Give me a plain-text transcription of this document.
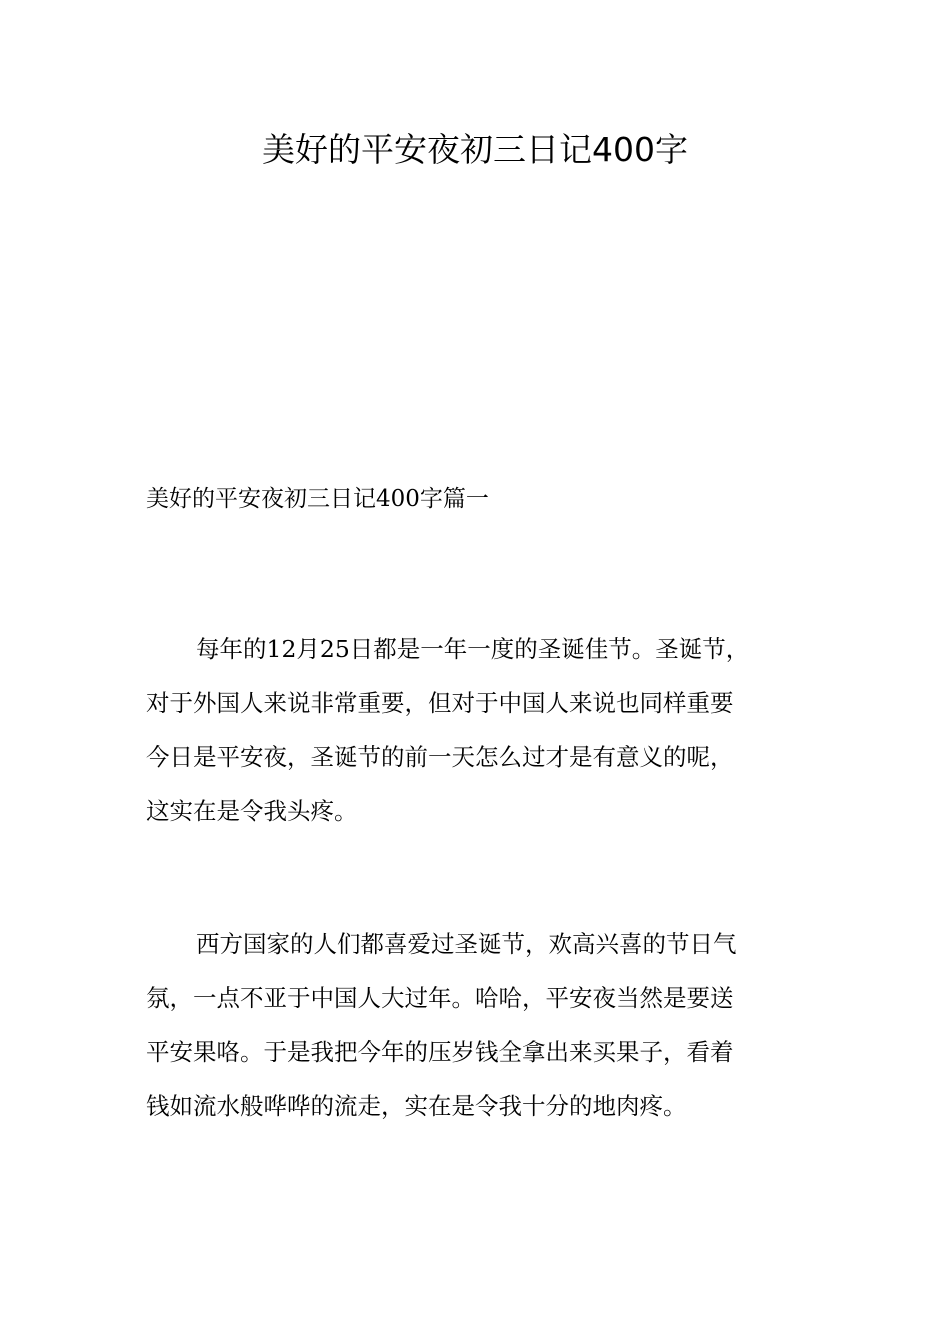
美好的平安夜初三日记400字
美好的平安夜初三日记400字篇一
每年的12月25日都是一年一度的圣诞佳节。圣诞节，
对于外国人来说非常重要，但对于中国人来说也同样重要
今日是平安夜，圣诞节的前一天怎么过才是有意义的呢，
这实在是令我头疼。
西方国家的人们都喜爱过圣诞节，欢高兴喜的节日气
氛，一点不亚于中国人大过年。哈哈，平安夜当然是要送
平安果咯。于是我把今年的压岁钱全拿出来买果子，看着
钱如流水般哗哗的流走，实在是令我十分的地肉疼。
